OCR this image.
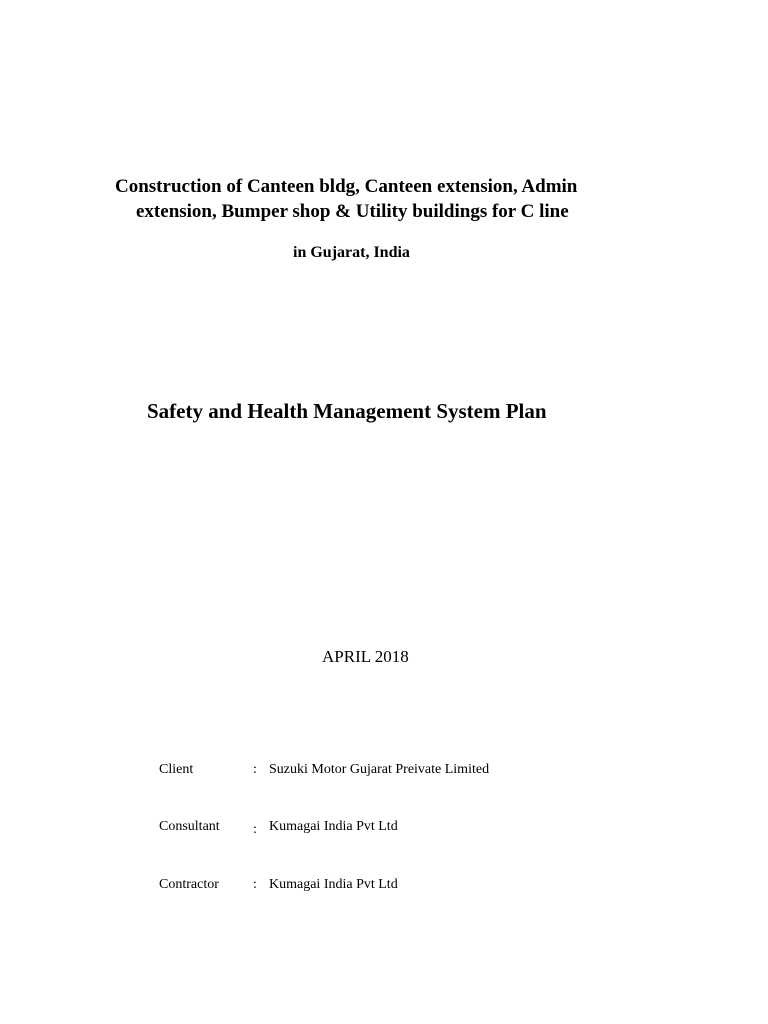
Construction of Canteen bldg, Canteen extension, Admin
extension, Bumper shop & Utility buildings for C line
in Gujarat, India
Safety and Health Management System Plan
APRIL 2018
Client	: Suzuki Motor Gujarat Preivate Limited
Consultant : Kumagai India Pvt Ltd
Contractor : Kumagai India Pvt Ltd
